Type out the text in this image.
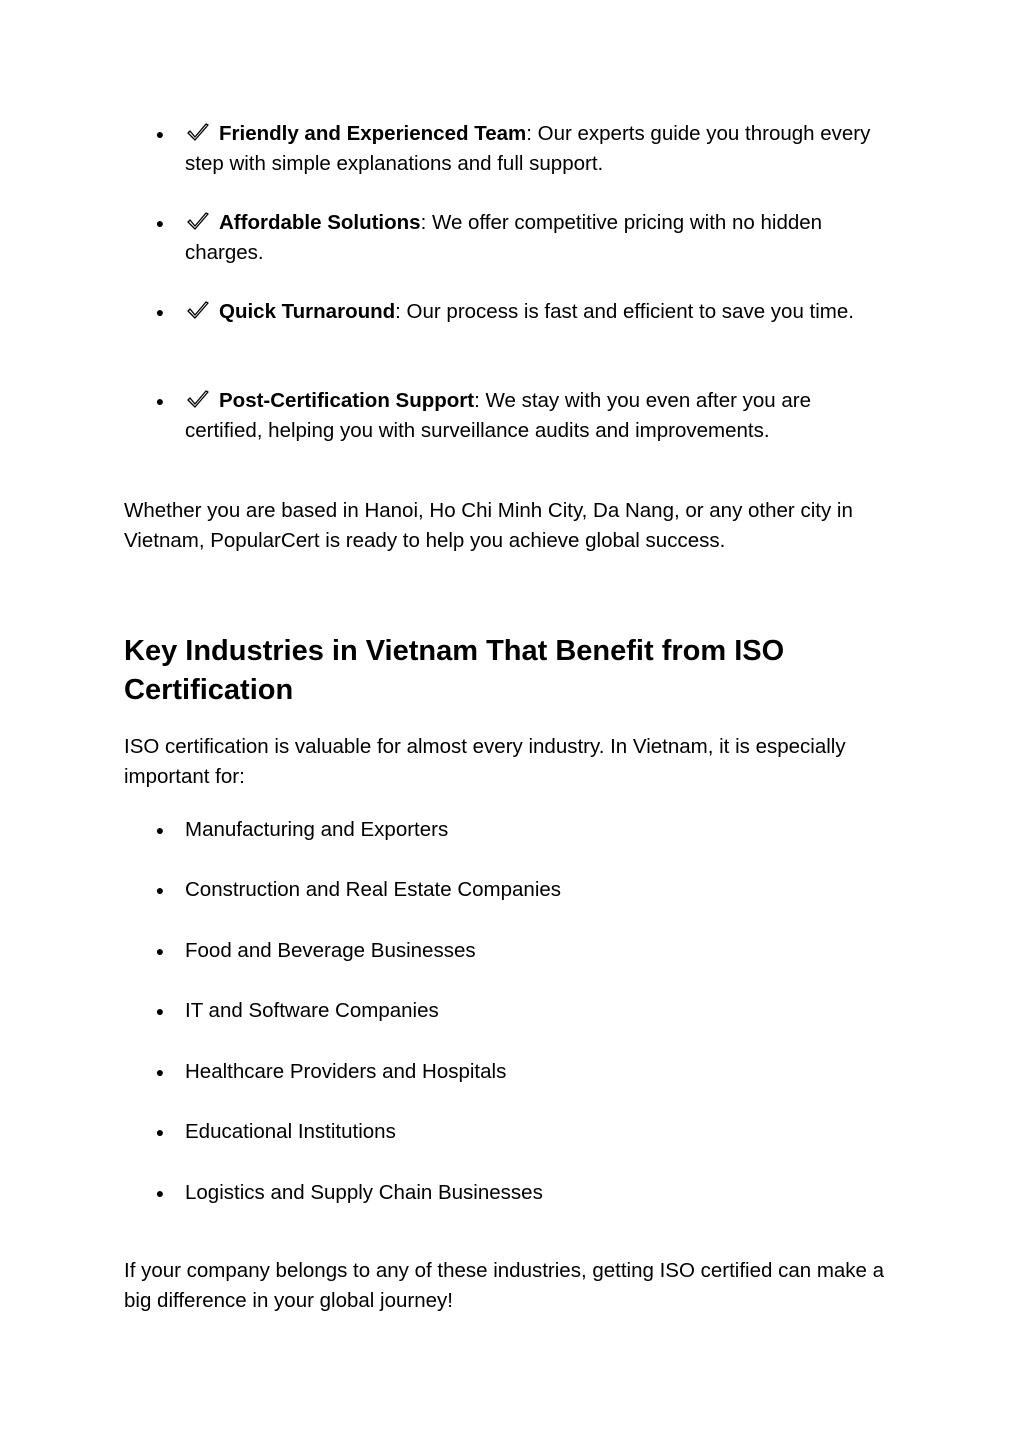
●	Friendly and Experienced Team: Our experts guide you through every step with simple explanations and full support.
●	Affordable Solutions: We offer competitive pricing with no hidden charges.
●	Quick Turnaround: Our process is fast and efficient to save you time.
●	Post-Certification Support: We stay with you even after you are certified, helping you with surveillance audits and improvements.

Whether you are based in Hanoi, Ho Chi Minh City, Da Nang, or any other city in Vietnam, PopularCert is ready to help you achieve global success.

Key Industries in Vietnam That Benefit from ISO Certification

ISO certification is valuable for almost every industry. In Vietnam, it is especially important for:

● Manufacturing and Exporters
● Construction and Real Estate Companies
● Food and Beverage Businesses
● IT and Software Companies
● Healthcare Providers and Hospitals
● Educational Institutions
● Logistics and Supply Chain Businesses

If your company belongs to any of these industries, getting ISO certified can make a big difference in your global journey!
